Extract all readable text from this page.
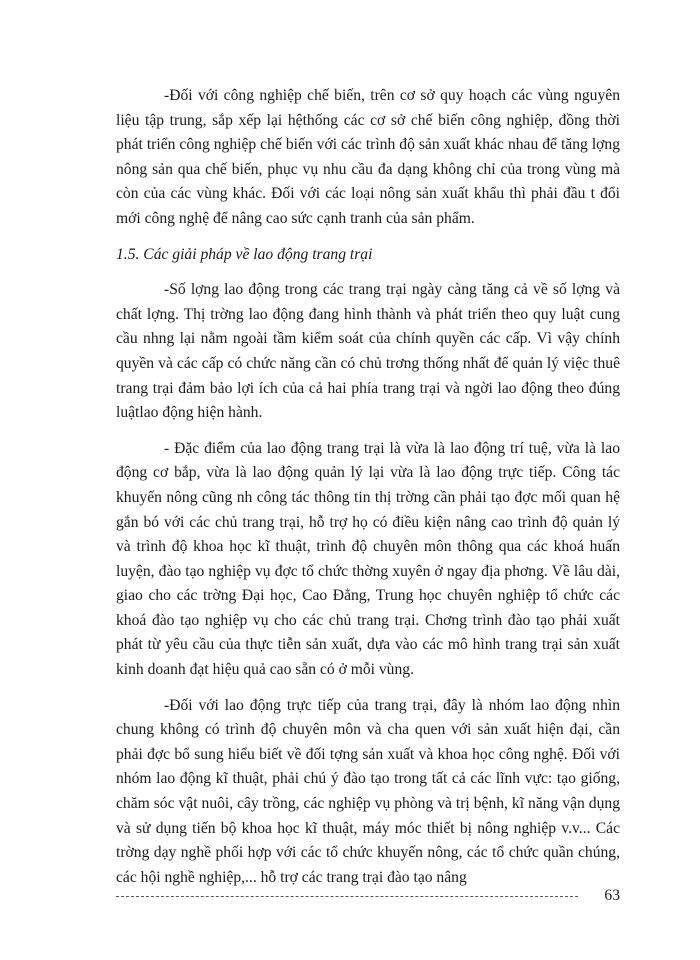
-Đối với công nghiệp chế biến, trên cơ sở quy hoạch các vùng nguyên liệu tập trung, sắp xếp lại hệthống các cơ sở chế biến công nghiệp, đồng thời phát triển công nghiệp chế biến với các trình độ sản xuất khác nhau để tăng lợng nông sản qua chế biến, phục vụ nhu cầu đa dạng không chỉ của trong vùng mà còn của các vùng khác. Đối với các loại nông sản xuất khẩu thì phải đầu t đổi mới công nghệ để nâng cao sức cạnh tranh của sản phẩm.

1.5. Các giải pháp về lao động trang trại

-Số lợng lao động trong các trang trại ngày càng tăng cả về số lợng và chất lợng. Thị trờng lao động đang hình thành và phát triển theo quy luật cung cầu nhng lại nằm ngoài tầm kiểm soát của chính quyền các cấp. Vì vậy chính quyền và các cấp có chức năng cần có chủ trơng thống nhất để quản lý việc thuê trang trại đảm bảo lợi ích của cả hai phía trang trại và ngời lao động theo đúng luậtlao động hiện hành.

- Đặc điểm của lao động trang trại là vừa là lao động trí tuệ, vừa là lao động cơ bắp, vừa là lao động quản lý lại vừa là lao động trực tiếp. Công tác khuyến nông cũng nh công tác thông tin thị trờng cần phải tạo đợc mối quan hệ gắn bó với các chủ trang trại, hỗ trợ họ có điều kiện nâng cao trình độ quản lý và trình độ khoa học kĩ thuật, trình độ chuyên môn thông qua các khoá huấn luyện, đào tạo nghiệp vụ đợc tổ chức thờng xuyên ở ngay địa phơng. Về lâu dài, giao cho các trờng Đại học, Cao Đẳng, Trung học chuyên nghiệp tổ chức các khoá đào tạo nghiệp vụ cho các chủ trang trại. Chơng trình đào tạo phải xuất phát từ yêu cầu của thực tiễn sản xuất, dựa vào các mô hình trang trại sản xuất kinh doanh đạt hiệu quả cao sẵn có ở mỗi vùng.

-Đối với lao động trực tiếp của trang trại, đây là nhóm lao động nhìn chung không có trình độ chuyên môn và cha quen với sản xuất hiện đại, cần phải đợc bổ sung hiểu biết về đối tợng sản xuất và khoa học công nghệ. Đối với nhóm lao động kĩ thuật, phải chú ý đào tạo trong tất cả các lĩnh vực: tạo giống, chăm sóc vật nuôi, cây trồng, các nghiệp vụ phòng và trị bệnh, kĩ năng vận dụng và sử dụng tiến bộ khoa học kĩ thuật, máy móc thiết bị nông nghiệp v.v... Các trờng dạy nghề phối hợp với các tổ chức khuyến nông, các tổ chức quần chúng, các hội nghề nghiệp,... hỗ trợ các trang trại đào tạo nâng

63
